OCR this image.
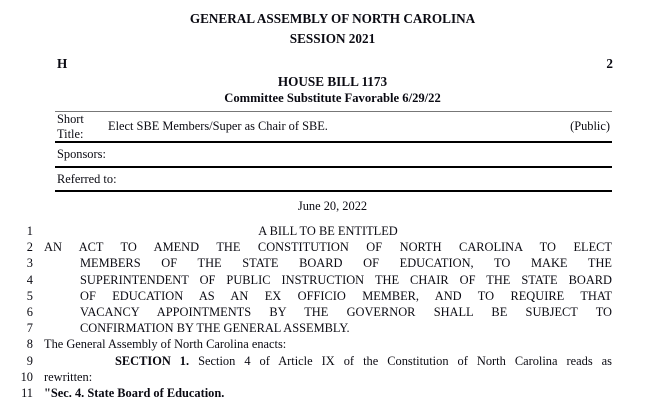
GENERAL ASSEMBLY OF NORTH CAROLINA
SESSION 2021
H	2
HOUSE BILL 1173
Committee Substitute Favorable 6/29/22
Short Title:
Elect SBE Members/Super as Chair of SBE.	(Public)
Sponsors:
Referred to:
June 20, 2022
1	A BILL TO BE ENTITLED
2 AN ACT TO AMEND THE CONSTITUTION OF NORTH CAROLINA TO ELECT
3	MEMBERS OF THE STATE BOARD OF EDUCATION, TO MAKE THE
4	SUPERINTENDENT OF PUBLIC INSTRUCTION THE CHAIR OF THE STATE BOARD
5	OF EDUCATION AS AN EX OFFICIO MEMBER, AND TO REQUIRE THAT
6	VACANCY APPOINTMENTS BY THE GOVERNOR SHALL BE SUBJECT TO
7	CONFIRMATION BY THE GENERAL ASSEMBLY.
8 The General Assembly of North Carolina enacts:
9	SECTION 1. Section 4 of Article IX of the Constitution of North Carolina reads as
10 rewritten:
11 "Sec. 4. State Board of Education.
